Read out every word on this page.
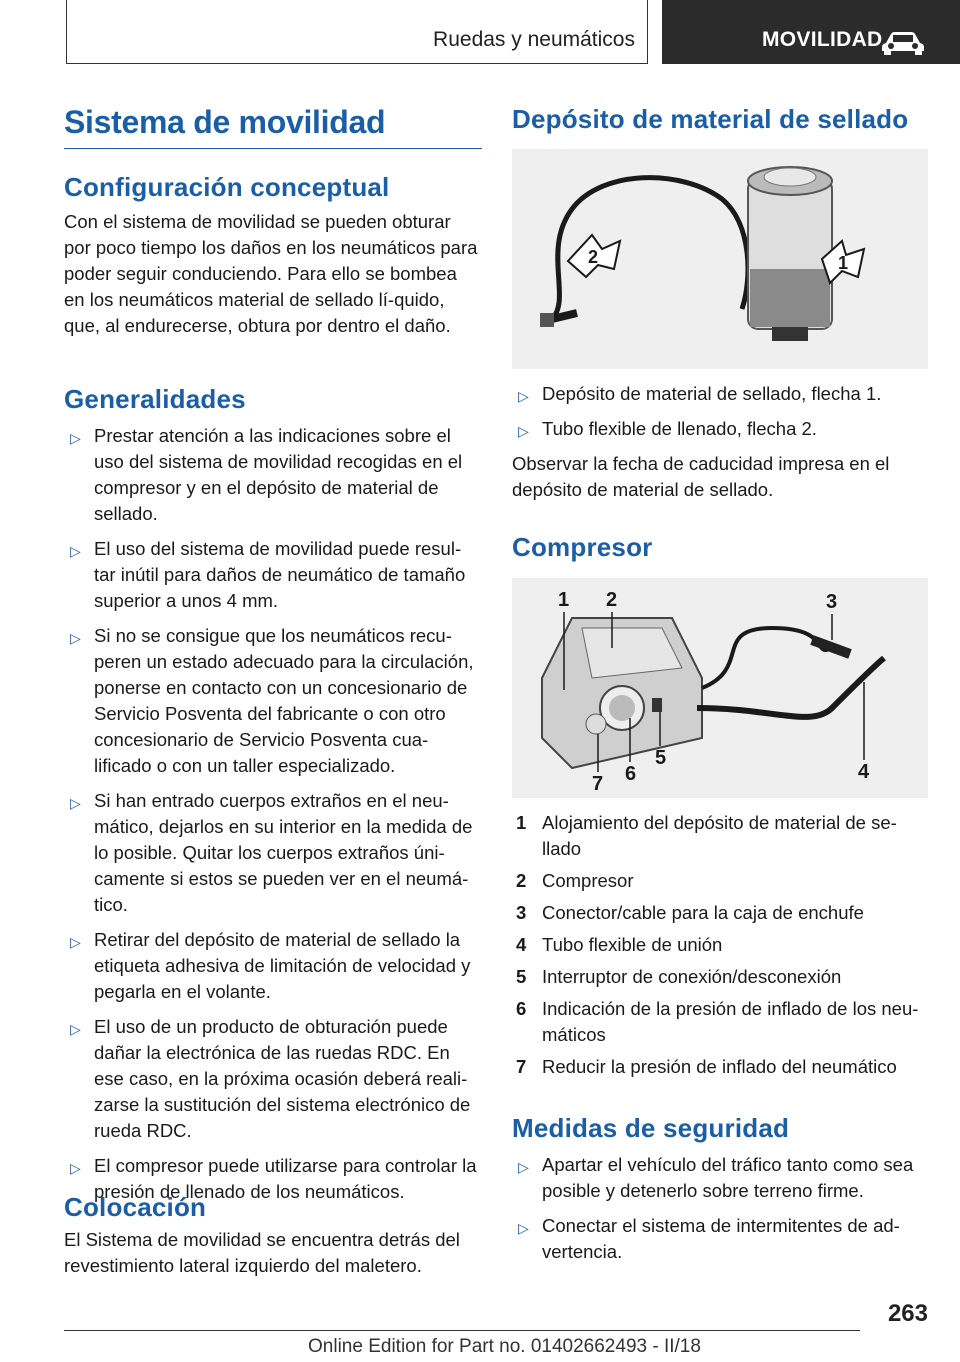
Ruedas y neumáticos	MOVILIDAD
Sistema de movilidad
Configuración conceptual

Con el sistema de movilidad se pueden obturar por poco tiempo los daños en los neumáticos para poder seguir conduciendo. Para ello se bombea en los neumáticos material de sellado lí-quido, que, al endurecerse, obtura por dentro el daño.

Generalidades
▷ Prestar atención a las indicaciones sobre el uso del sistema de movilidad recogidas en el compresor y en el depósito de material de sellado.
▷ El uso del sistema de movilidad puede resul-tar inútil para daños de neumático de tamaño superior a unos 4 mm.
▷ Si no se consigue que los neumáticos recu-peren un estado adecuado para la circulación, ponerse en contacto con un concesionario de Servicio Posventa del fabricante o con otro concesionario de Servicio Posventa cua-lificado o con un taller especializado.
▷ Si han entrado cuerpos extraños en el neu-mático, dejarlos en su interior en la medida de lo posible. Quitar los cuerpos extraños úni-camente si estos se pueden ver en el neumá-tico.
▷ Retirar del depósito de material de sellado la etiqueta adhesiva de limitación de velocidad y pegarla en el volante.
▷ El uso de un producto de obturación puede dañar la electrónica de las ruedas RDC. En ese caso, en la próxima ocasión deberá reali-zarse la sustitución del sistema electrónico de rueda RDC.
▷ El compresor puede utilizarse para controlar la presión de llenado de los neumáticos.
Colocación

El Sistema de movilidad se encuentra detrás del revestimiento lateral izquierdo del maletero.

Depósito de material de sellado
2	1
▷ Depósito de material de sellado, flecha 1.
▷ Tubo flexible de llenado, flecha 2.

Observar la fecha de caducidad impresa en el depósito de material de sellado.

Compresor
1 2	3
4
5
6
7
1 Alojamiento del depósito de material de se-llado
2 Compresor
3 Conector/cable para la caja de enchufe
4 Tubo flexible de unión
5 Interruptor de conexión/desconexión
6 Indicación de la presión de inflado de los neu-máticos
7 Reducir la presión de inflado del neumático
Medidas de seguridad
▷ Apartar el vehículo del tráfico tanto como sea posible y detenerlo sobre terreno firme.
▷ Conectar el sistema de intermitentes de ad-vertencia.
263
Online Edition for Part no. 01402662493 - II/18
